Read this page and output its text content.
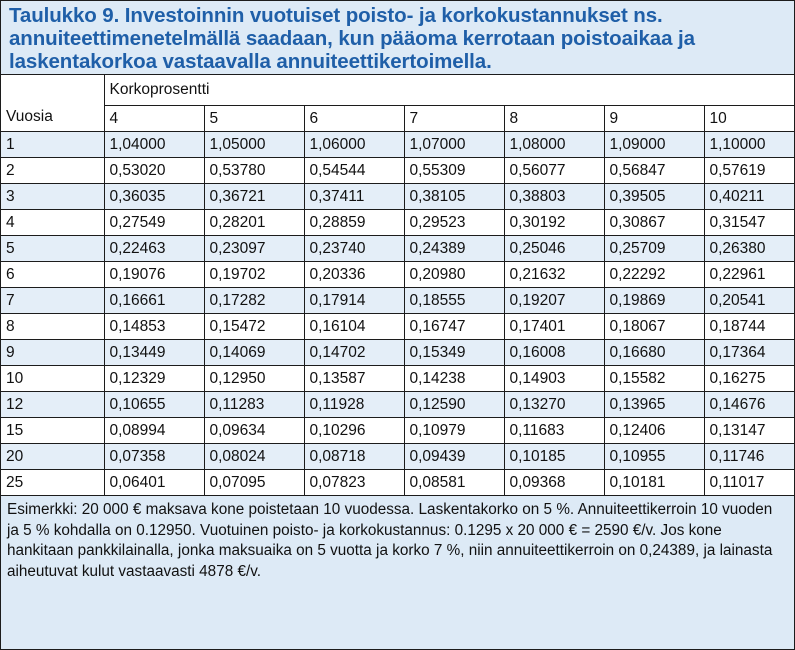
Taulukko 9. Investoinnin vuotuiset poisto- ja korkokustannukset ns. annuiteettimenetelmällä saadaan, kun pääoma kerrotaan poistoaikaa ja laskentakorkoa vastaavalla annuiteettikertoimella.
Vuosia	Korkoprosentti						
	4	5	6	7	8	9	10
1	1,04000	1,05000	1,06000	1,07000	1,08000	1,09000	1,10000
2	0,53020	0,53780	0,54544	0,55309	0,56077	0,56847	0,57619
3	0,36035	0,36721	0,37411	0,38105	0,38803	0,39505	0,40211
4	0,27549	0,28201	0,28859	0,29523	0,30192	0,30867	0,31547
5	0,22463	0,23097	0,23740	0,24389	0,25046	0,25709	0,26380
6	0,19076	0,19702	0,20336	0,20980	0,21632	0,22292	0,22961
7	0,16661	0,17282	0,17914	0,18555	0,19207	0,19869	0,20541
8	0,14853	0,15472	0,16104	0,16747	0,17401	0,18067	0,18744
9	0,13449	0,14069	0,14702	0,15349	0,16008	0,16680	0,17364
10	0,12329	0,12950	0,13587	0,14238	0,14903	0,15582	0,16275
12	0,10655	0,11283	0,11928	0,12590	0,13270	0,13965	0,14676
15	0,08994	0,09634	0,10296	0,10979	0,11683	0,12406	0,13147
20	0,07358	0,08024	0,08718	0,09439	0,10185	0,10955	0,11746
25	0,06401	0,07095	0,07823	0,08581	0,09368	0,10181	0,11017
Esimerkki: 20 000 € maksava kone poistetaan 10 vuodessa. Laskentakorko on 5 %. Annuiteettikerroin 10 vuoden ja 5 % kohdalla on 0.12950. Vuotuinen poisto- ja korkokustannus: 0.1295 x 20 000 € = 2590 €/v. Jos kone hankitaan pankkilainalla, jonka maksuaika on 5 vuotta ja korko 7 %, niin annuiteettikerroin on 0,24389, ja lainasta aiheutuvat kulut vastaavasti 4878 €/v.
